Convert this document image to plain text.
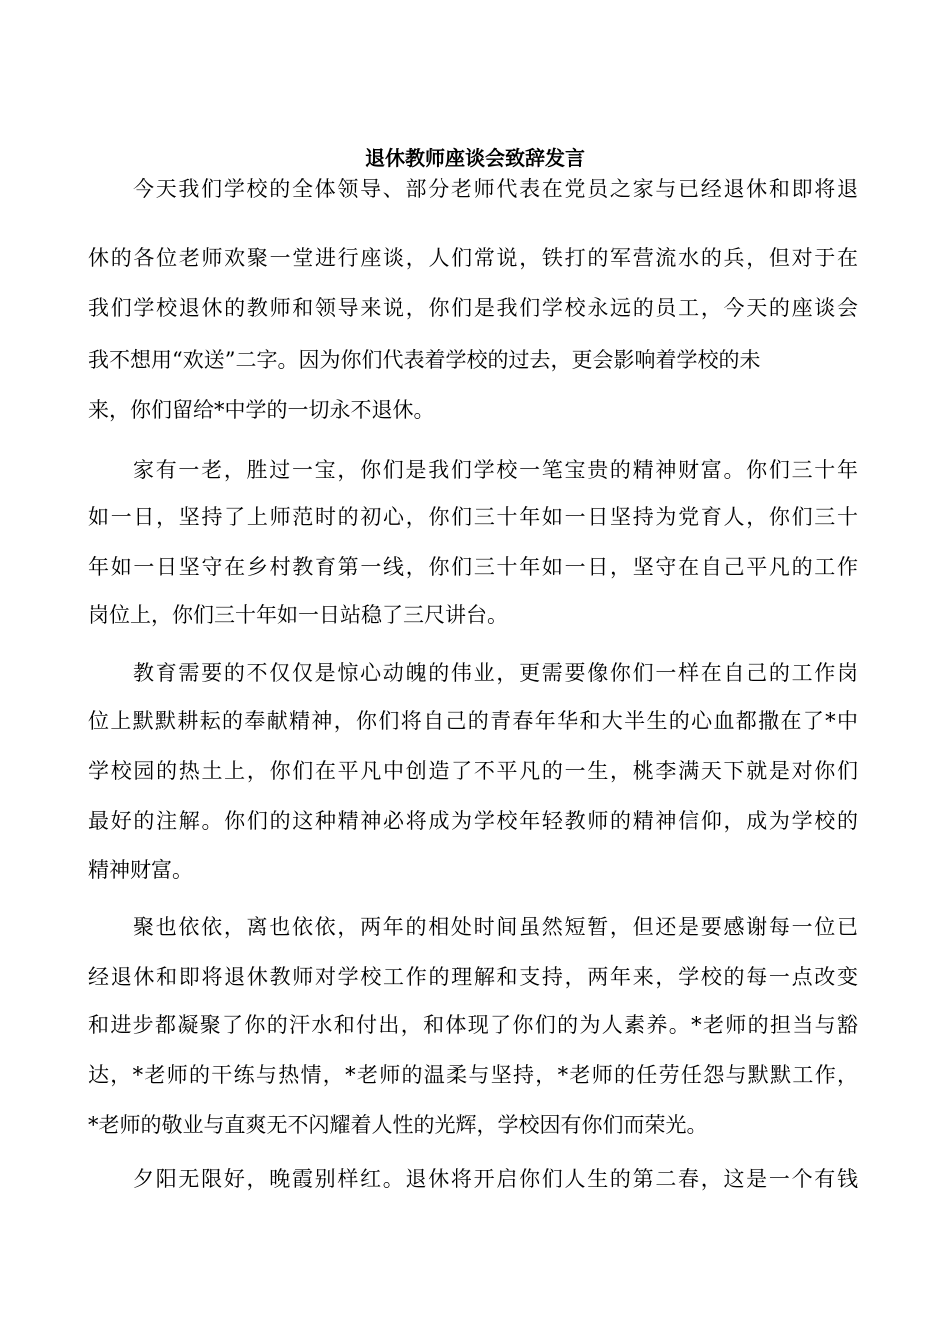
退休教师座谈会致辞发言

今天我们学校的全体领导、部分老师代表在党员之家与已经退休和即将退

休的各位老师欢聚一堂进行座谈，人们常说，铁打的军营流水的兵，但对于在

我们学校退休的教师和领导来说，你们是我们学校永远的员工，今天的座谈会

我不想用“欢送”二字。因为你们代表着学校的过去，更会影响着学校的未

来，你们留给*中学的一切永不退休。

家有一老，胜过一宝，你们是我们学校一笔宝贵的精神财富。你们三十年

如一日，坚持了上师范时的初心，你们三十年如一日坚持为党育人，你们三十

年如一日坚守在乡村教育第一线，你们三十年如一日，坚守在自己平凡的工作

岗位上，你们三十年如一日站稳了三尺讲台。

教育需要的不仅仅是惊心动魄的伟业，更需要像你们一样在自己的工作岗

位上默默耕耘的奉献精神，你们将自己的青春年华和大半生的心血都撒在了*中

学校园的热土上，你们在平凡中创造了不平凡的一生，桃李满天下就是对你们

最好的注解。你们的这种精神必将成为学校年轻教师的精神信仰，成为学校的

精神财富。

聚也依依，离也依依，两年的相处时间虽然短暂，但还是要感谢每一位已

经退休和即将退休教师对学校工作的理解和支持，两年来，学校的每一点改变

和进步都凝聚了你的汗水和付出，和体现了你们的为人素养。*老师的担当与豁

达，*老师的干练与热情，*老师的温柔与坚持，*老师的任劳任怨与默默工作，

*老师的敬业与直爽无不闪耀着人性的光辉，学校因有你们而荣光。

夕阳无限好，晚霞别样红。退休将开启你们人生的第二春，这是一个有钱
